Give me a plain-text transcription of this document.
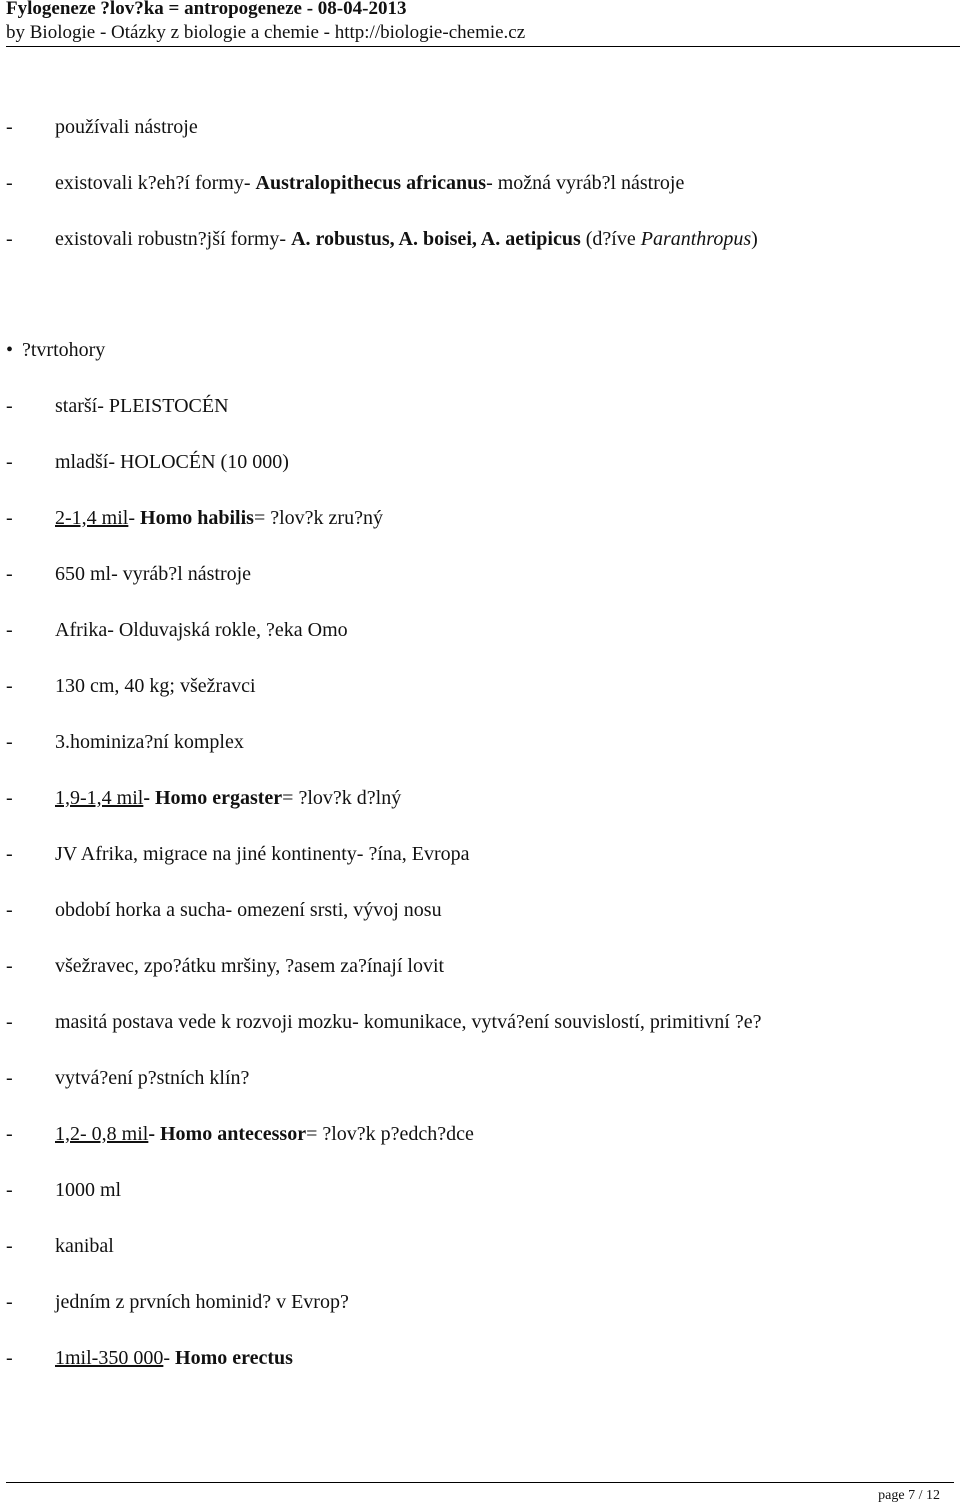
Fylogeneze ?lov?ka = antropogeneze - 08-04-2013
by Biologie - Otázky z biologie a chemie - http://biologie-chemie.cz
- používali nástroje
- existovali k?eh?í formy- Australopithecus africanus- možná vyráb?l nástroje
- existovali robustn?jší formy- A. robustus, A. boisei, A. aetipicus (d?íve Paranthropus)
• ?tvrtohory
- starší- PLEISTOCÉN
- mladší- HOLOCÉN (10 000)
- 2-1,4 mil- Homo habilis= ?lov?k zru?ný
- 650 ml- vyráb?l nástroje
- Afrika- Olduvajská rokle, ?eka Omo
- 130 cm, 40 kg; všežravci
- 3.hominiza?ní komplex
- 1,9-1,4 mil- Homo ergaster= ?lov?k d?lný
- JV Afrika, migrace na jiné kontinenty- ?ína, Evropa
- období horka a sucha- omezení srsti, vývoj nosu
- všežravec, zpo?átku mršiny, ?asem za?ínají lovit
- masitá postava vede k rozvoji mozku- komunikace, vytvá?ení souvislostí, primitivní ?e?
- vytvá?ení p?stních klín?
- 1,2- 0,8 mil- Homo antecessor= ?lov?k p?edch?dce
- 1000 ml
- kanibal
- jedním z prvních hominid? v Evrop?
- 1mil-350 000- Homo erectus
page 7 / 12
